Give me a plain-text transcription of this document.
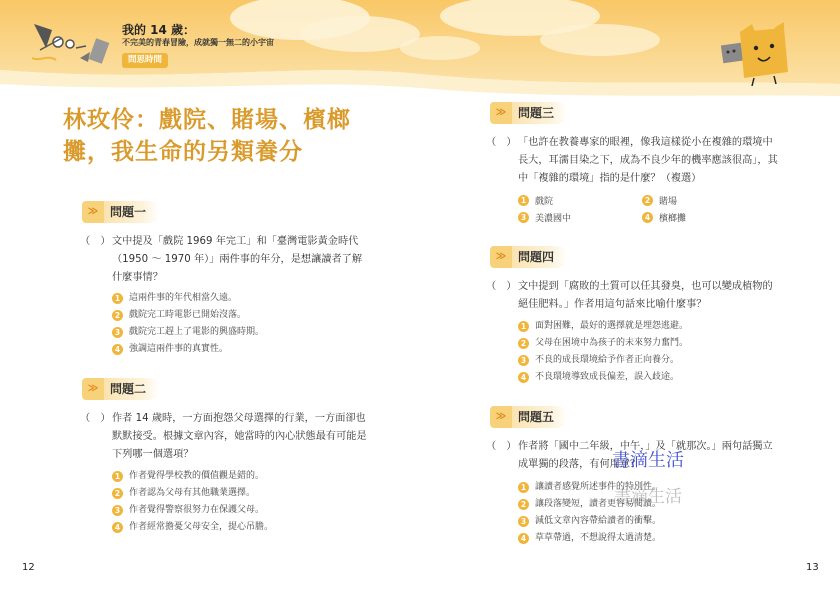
我的 14 歲：
不完美的青春冒險，成就獨一無二的小宇宙
問思時間
林玫伶：戲院、賭場、檳榔攤，我生命的另類養分
≫ 問題一
（　） 文中提及「戲院 1969 年完工」和「臺灣電影黃金時代（1950 ～ 1970 年）」兩件事的年分，是想讓讀者了解什麼事情？
1 這兩件事的年代相當久遠。
2 戲院完工時電影已開始沒落。
3 戲院完工趕上了電影的興盛時期。
4 強調這兩件事的真實性。
≫ 問題二
（　） 作者 14 歲時，一方面抱怨父母選擇的行業，一方面卻也默默接受。根據文章內容，她當時的內心狀態最有可能是下列哪一個選項？
1 作者覺得學校教的價值觀是錯的。
2 作者認為父母有其他職業選擇。
3 作者覺得警察很努力在保護父母。
4 作者經常擔憂父母安全，提心吊膽。
12
≫ 問題三
（　） 「也許在教養專家的眼裡，像我這樣從小在複雜的環境中長大，耳濡目染之下，成為不良少年的機率應該很高」，其中「複雜的環境」指的是什麼？（複選）
1 戲院	2 賭場
3 美濃國中	4 檳榔攤
≫ 問題四
（　） 文中提到「腐敗的土質可以任其發臭，也可以變成植物的絕佳肥料。」作者用這句話來比喻什麼事？
1 面對困難，最好的選擇就是埋怨逃避。
2 父母在困境中為孩子的未來努力奮鬥。
3 不良的成長環境給予作者正向養分。
4 不良環境導致成長偏差，誤入歧途。
≫ 問題五
（　） 作者將「國中二年級，中午，」及「就那次。」兩句話獨立成單獨的段落，有何用意？
1 讓讀者感覺所述事件的特別性。
2 讓段落變短，讀者更容易閱讀。
3 減低文章內容帶給讀者的衝擊。
4 草草帶過，不想說得太過清楚。
書滴生活
書滴生活
13
